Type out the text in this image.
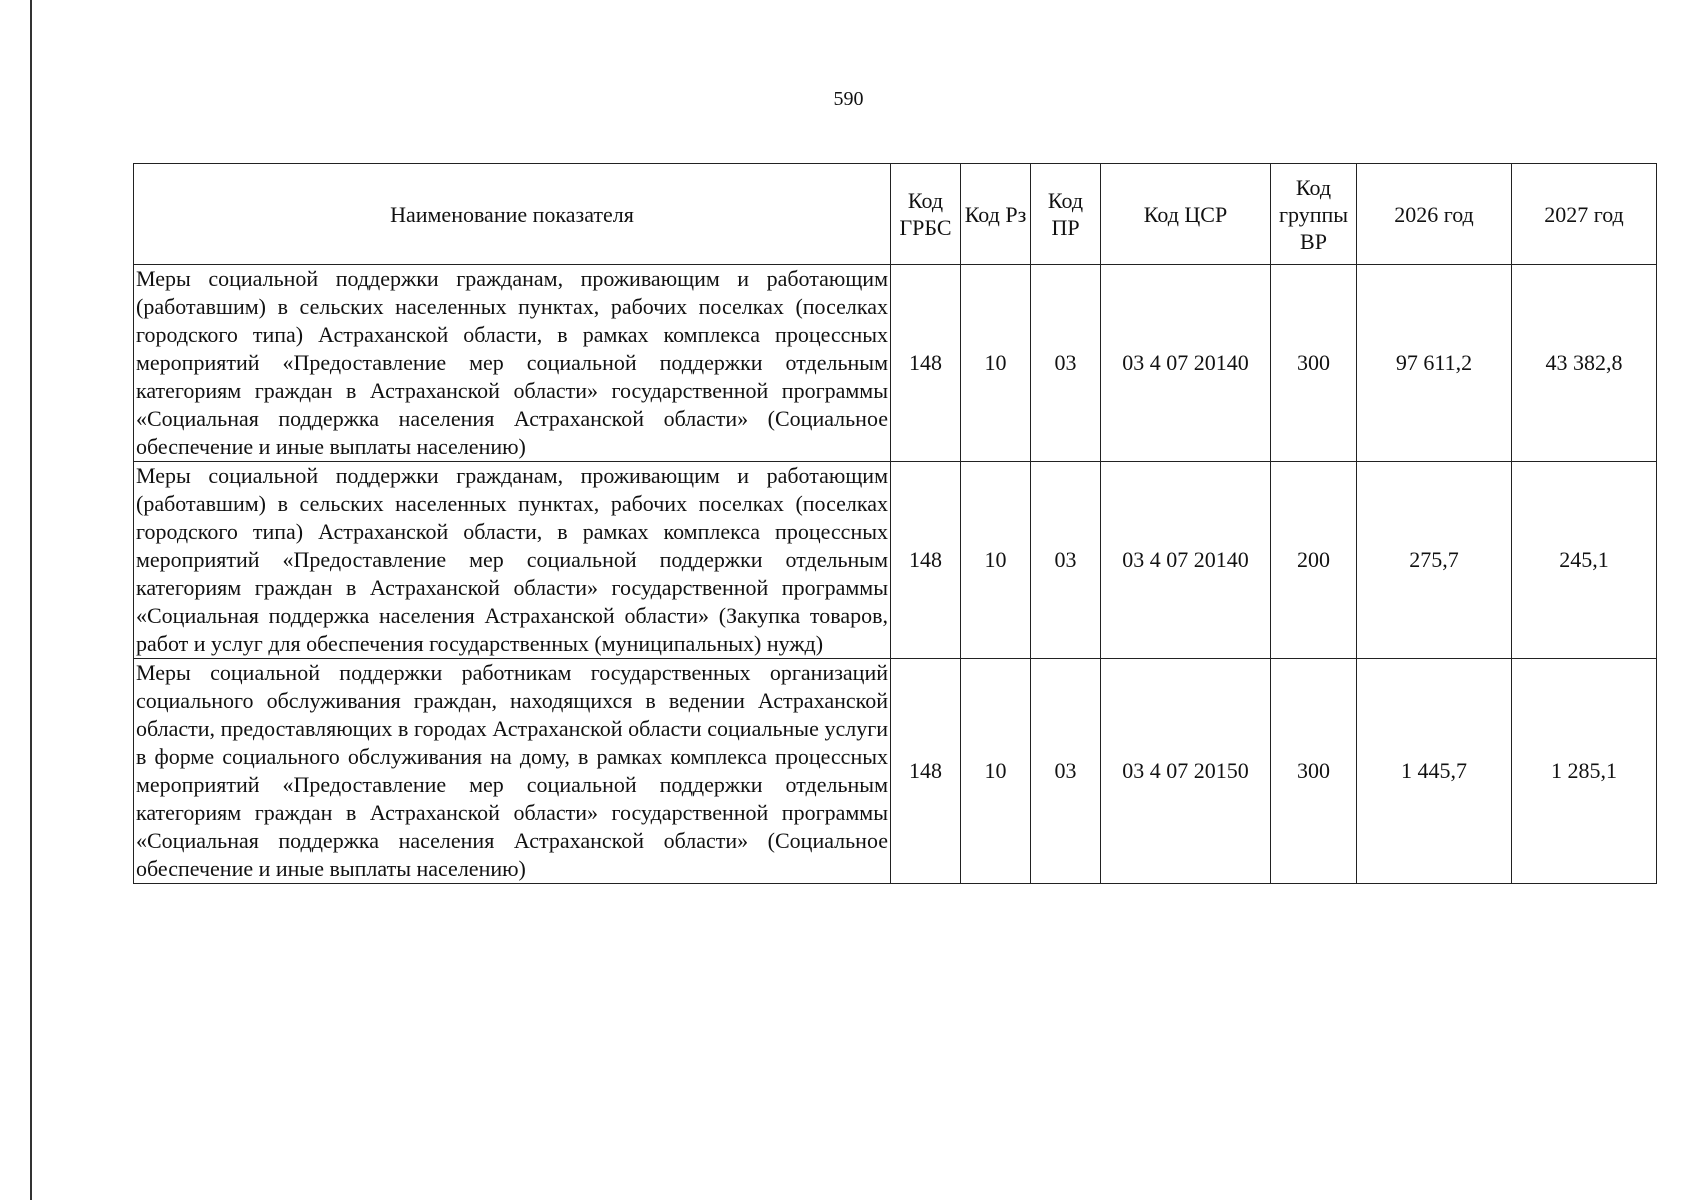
590
Наименование показателя	Код ГРБС	Код Рз	Код ПР	Код ЦСР	Код группы ВР	2026 год	2027 год
Меры социальной поддержки гражданам, проживающим и работающим (работавшим) в сельских населенных пунктах, рабочих поселках (поселках городского типа) Астраханской области, в рамках комплекса процессных мероприятий «Предоставление мер социальной поддержки отдельным категориям граждан в Астраханской области» государственной программы «Социальная поддержка населения Астраханской области» (Социальное обеспечение и иные выплаты населению)	148	10	03	03 4 07 20140	300	97 611,2	43 382,8
Меры социальной поддержки гражданам, проживающим и работающим (работавшим) в сельских населенных пунктах, рабочих поселках (поселках городского типа) Астраханской области, в рамках комплекса процессных мероприятий «Предоставление мер социальной поддержки отдельным категориям граждан в Астраханской области» государственной программы «Социальная поддержка населения Астраханской области» (Закупка товаров, работ и услуг для обеспечения государственных (муниципальных) нужд)	148	10	03	03 4 07 20140	200	275,7	245,1
Меры социальной поддержки работникам государственных организаций социального обслуживания граждан, находящихся в ведении Астраханской области, предоставляющих в городах Астраханской области социальные услуги в форме социального обслуживания на дому, в рамках комплекса процессных мероприятий «Предоставление мер социальной поддержки отдельным категориям граждан в Астраханской области» государственной программы «Социальная поддержка населения Астраханской области» (Социальное обеспечение и иные выплаты населению)	148	10	03	03 4 07 20150	300	1 445,7	1 285,1
